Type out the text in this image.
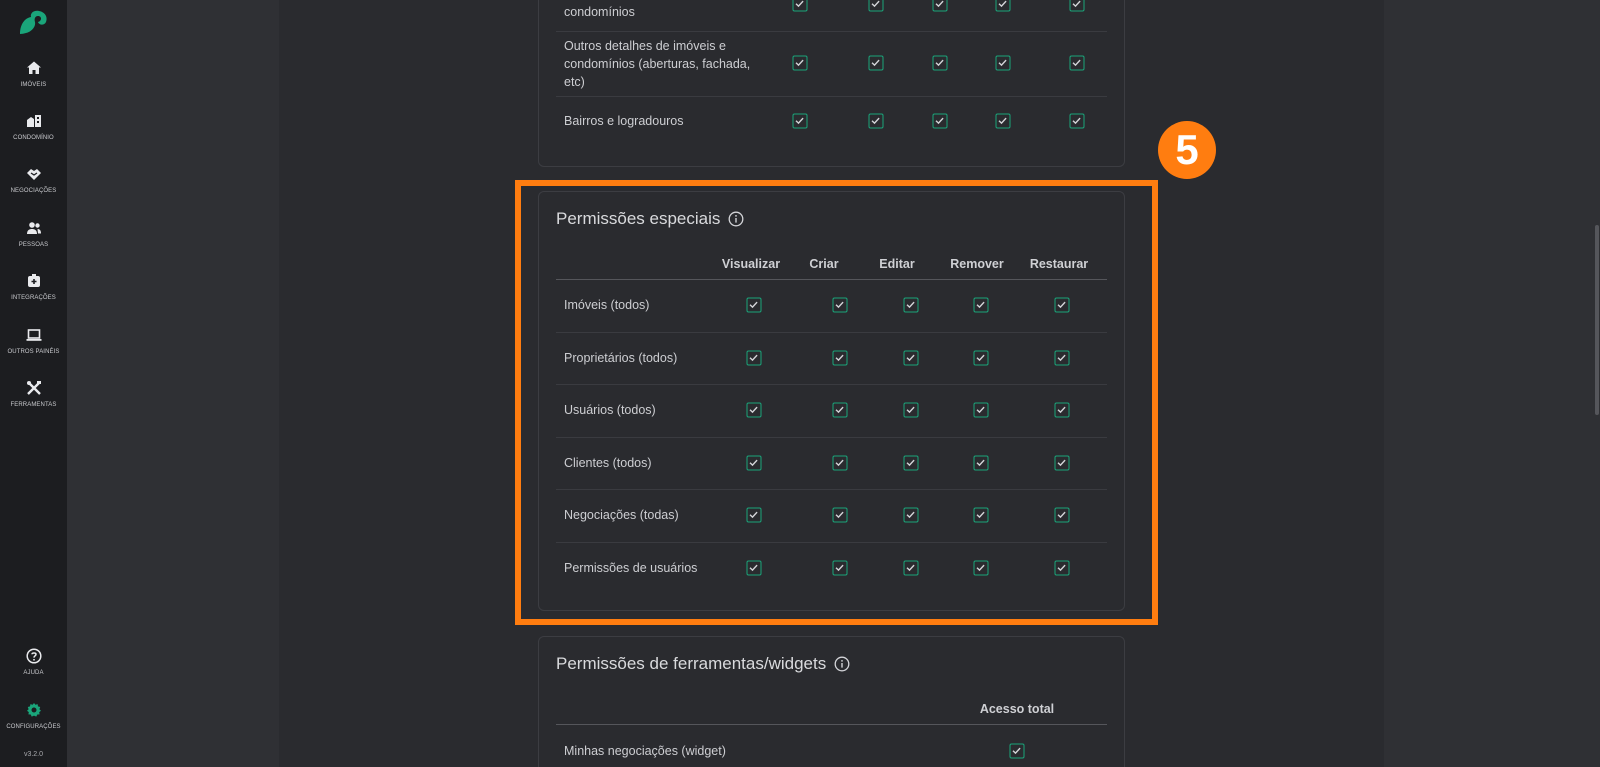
IMÓVEIS
CONDOMÍNIO
NEGOCIAÇÕES
PESSOAS
INTEGRAÇÕES
OUTROS PAINÉIS
FERRAMENTAS
AJUDA
CONFIGURAÇÕES
v3.2.0
condomínios
Outros detalhes de imóveis e condomínios (aberturas, fachada, etc)
Bairros e logradouros
Permissões especiais
Visualizar Criar	Editar	Remover Restaurar
Imóveis (todos)
Proprietários (todos)
Usuários (todos)
Clientes (todos)
Negociações (todas)
Permissões de usuários
Permissões de ferramentas/widgets
Acesso total
Minhas negociações (widget)
5
